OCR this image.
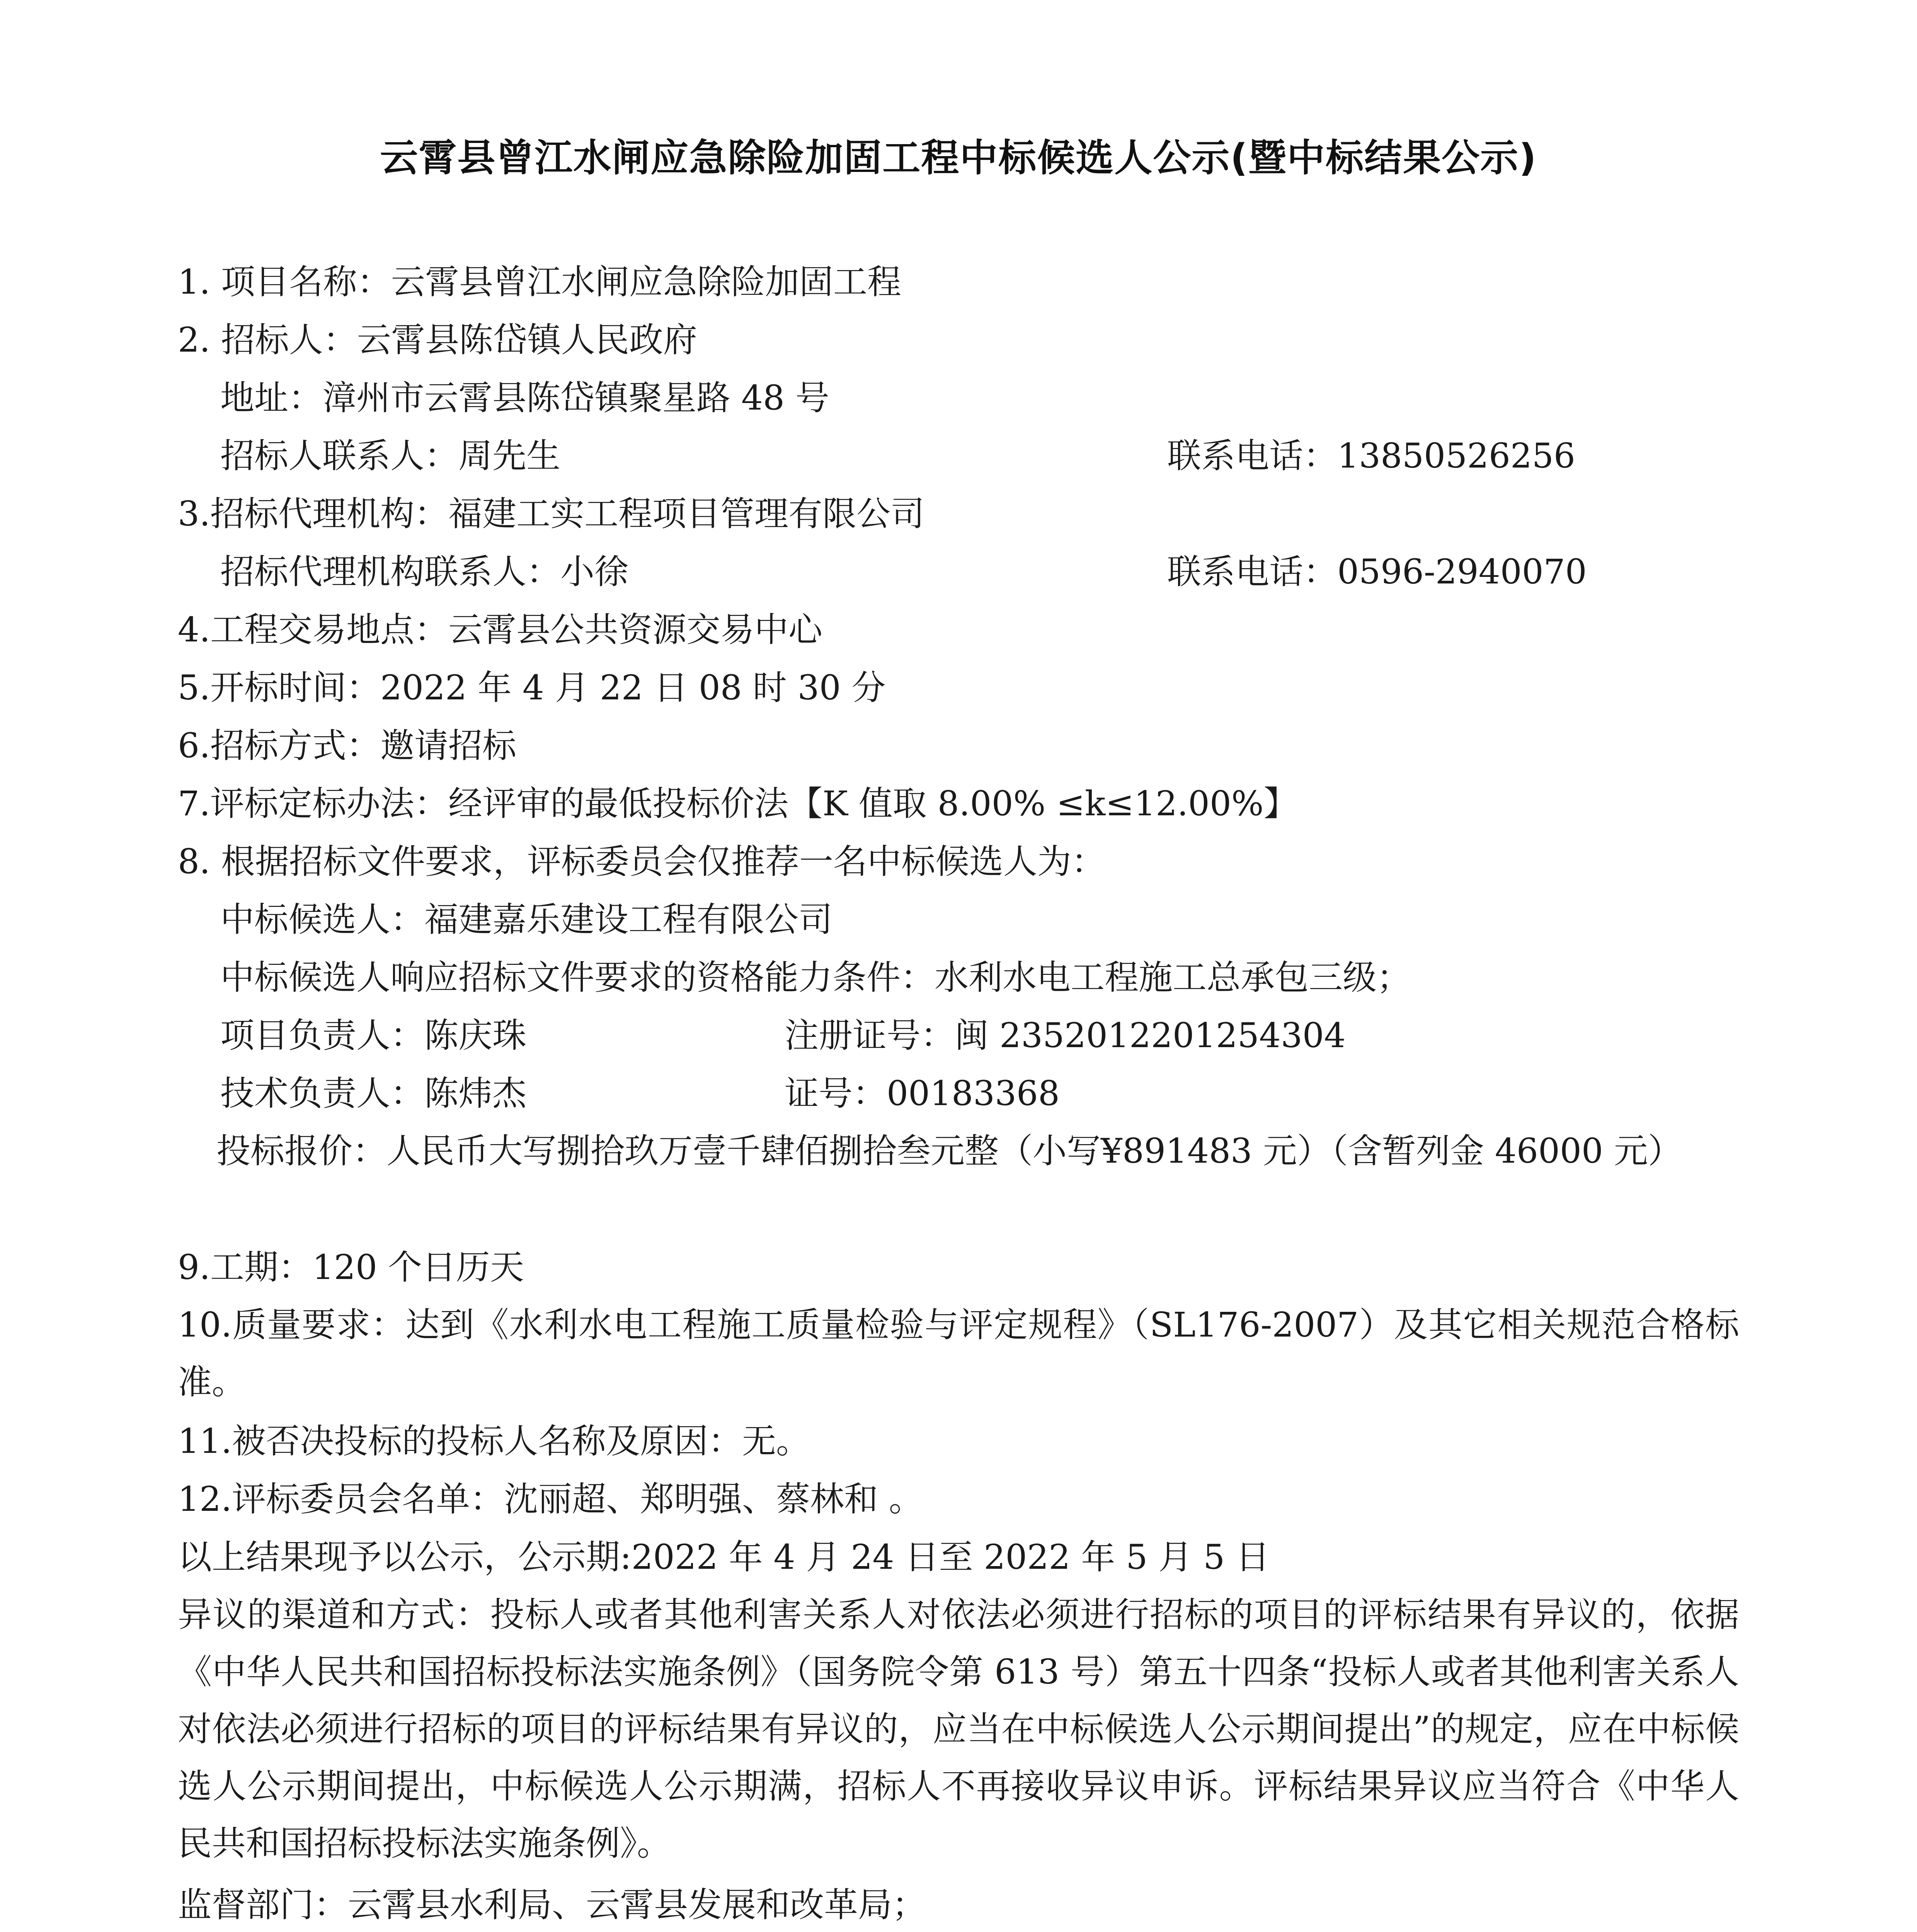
云霄县曾江水闸应急除险加固工程中标候选人公示(暨中标结果公示)
1. 项目名称：云霄县曾江水闸应急除险加固工程
2. 招标人：云霄县陈岱镇人民政府
地址：漳州市云霄县陈岱镇聚星路 48 号
招标人联系人：周先生	联系电话：13850526256
3.招标代理机构：福建工实工程项目管理有限公司
招标代理机构联系人：小徐	联系电话：0596-2940070
4.工程交易地点：云霄县公共资源交易中心
5.开标时间：2022 年 4 月 22 日 08 时 30 分
6.招标方式：邀请招标
7.评标定标办法：经评审的最低投标价法【K 值取 8.00% ≤k≤12.00%】
8. 根据招标文件要求，评标委员会仅推荐一名中标候选人为：
中标候选人：福建嘉乐建设工程有限公司
中标候选人响应招标文件要求的资格能力条件：水利水电工程施工总承包三级；
项目负责人：陈庆珠	注册证号：闽 2352012201254304
技术负责人：陈炜杰	证号：00183368
投标报价：人民币大写捌拾玖万壹千肆佰捌拾叁元整（小写¥891483 元）（含暂列金 46000 元）
9.工期：120 个日历天
10.质量要求：达到《水利水电工程施工质量检验与评定规程》（SL176-2007）及其它相关规范合格标准。
11.被否决投标的投标人名称及原因：无。
12.评标委员会名单：沈丽超、郑明强、蔡林和 。
以上结果现予以公示，公示期:2022 年 4 月 24 日至 2022 年 5 月 5 日
异议的渠道和方式：投标人或者其他利害关系人对依法必须进行招标的项目的评标结果有异议的，依据《中华人民共和国招标投标法实施条例》（国务院令第 613 号）第五十四条“投标人或者其他利害关系人对依法必须进行招标的项目的评标结果有异议的，应当在中标候选人公示期间提出”的规定，应在中标候选人公示期间提出，中标候选人公示期满，招标人不再接收异议申诉。评标结果异议应当符合《中华人民共和国招标投标法实施条例》。
监督部门：云霄县水利局、云霄县发展和改革局；
